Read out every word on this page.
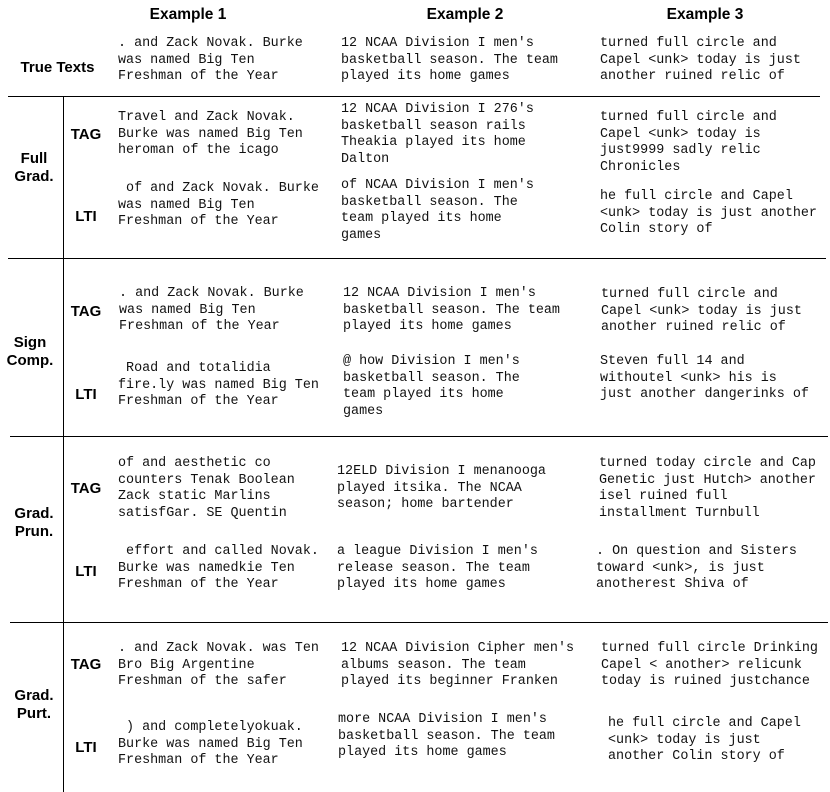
Example 1	Example 2	Example 3
True Texts
. and Zack Novak. Burke
was named Big Ten
Freshman of the Year
12 NCAA Division I men's
basketball season. The team
played its home games
turned full circle and
Capel <unk> today is just
another ruined relic of
Full
Grad.
TAG
Travel and Zack Novak.
Burke was named Big Ten
heroman of the icago
12 NCAA Division I 276's
basketball season rails
Theakia played its home
Dalton
turned full circle and
Capel <unk> today is
just9999 sadly relic
Chronicles
LTI
of and Zack Novak. Burke
was named Big Ten
Freshman of the Year
of NCAA Division I men's
basketball season. The
team played its home
games
he full circle and Capel
<unk> today is just another
Colin story of
Sign
Comp.
TAG
. and Zack Novak. Burke
was named Big Ten
Freshman of the Year
12 NCAA Division I men's
basketball season. The team
played its home games
turned full circle and
Capel <unk> today is just
another ruined relic of
LTI
Road and totalidia
fire.ly was named Big Ten
Freshman of the Year
@ how Division I men's
basketball season. The
team played its home
games
Steven full 14 and
withoutel <unk> his is
just another dangerinks of
Grad.
Prun.
TAG
of and aesthetic co
counters Tenak Boolean
Zack static Marlins
satisfGar. SE Quentin
12ELD Division I menanooga
played itsika. The NCAA
season; home bartender
turned today circle and Cap
Genetic just Hutch> another
isel ruined full
installment Turnbull
LTI
effort and called Novak.
Burke was namedkie Ten
Freshman of the Year
a league Division I men's
release season. The team
played its home games
. On question and Sisters
toward <unk>, is just
anotherest Shiva of
Grad.
Purt.
TAG
. and Zack Novak. was Ten
Bro Big Argentine
Freshman of the safer
12 NCAA Division Cipher men's
albums season. The team
played its beginner Franken
turned full circle Drinking
Capel < another> relicunk
today is ruined justchance
LTI
) and completelyokuak.
Burke was named Big Ten
Freshman of the Year
more NCAA Division I men's
basketball season. The team
played its home games
he full circle and Capel
<unk> today is just
another Colin story of
